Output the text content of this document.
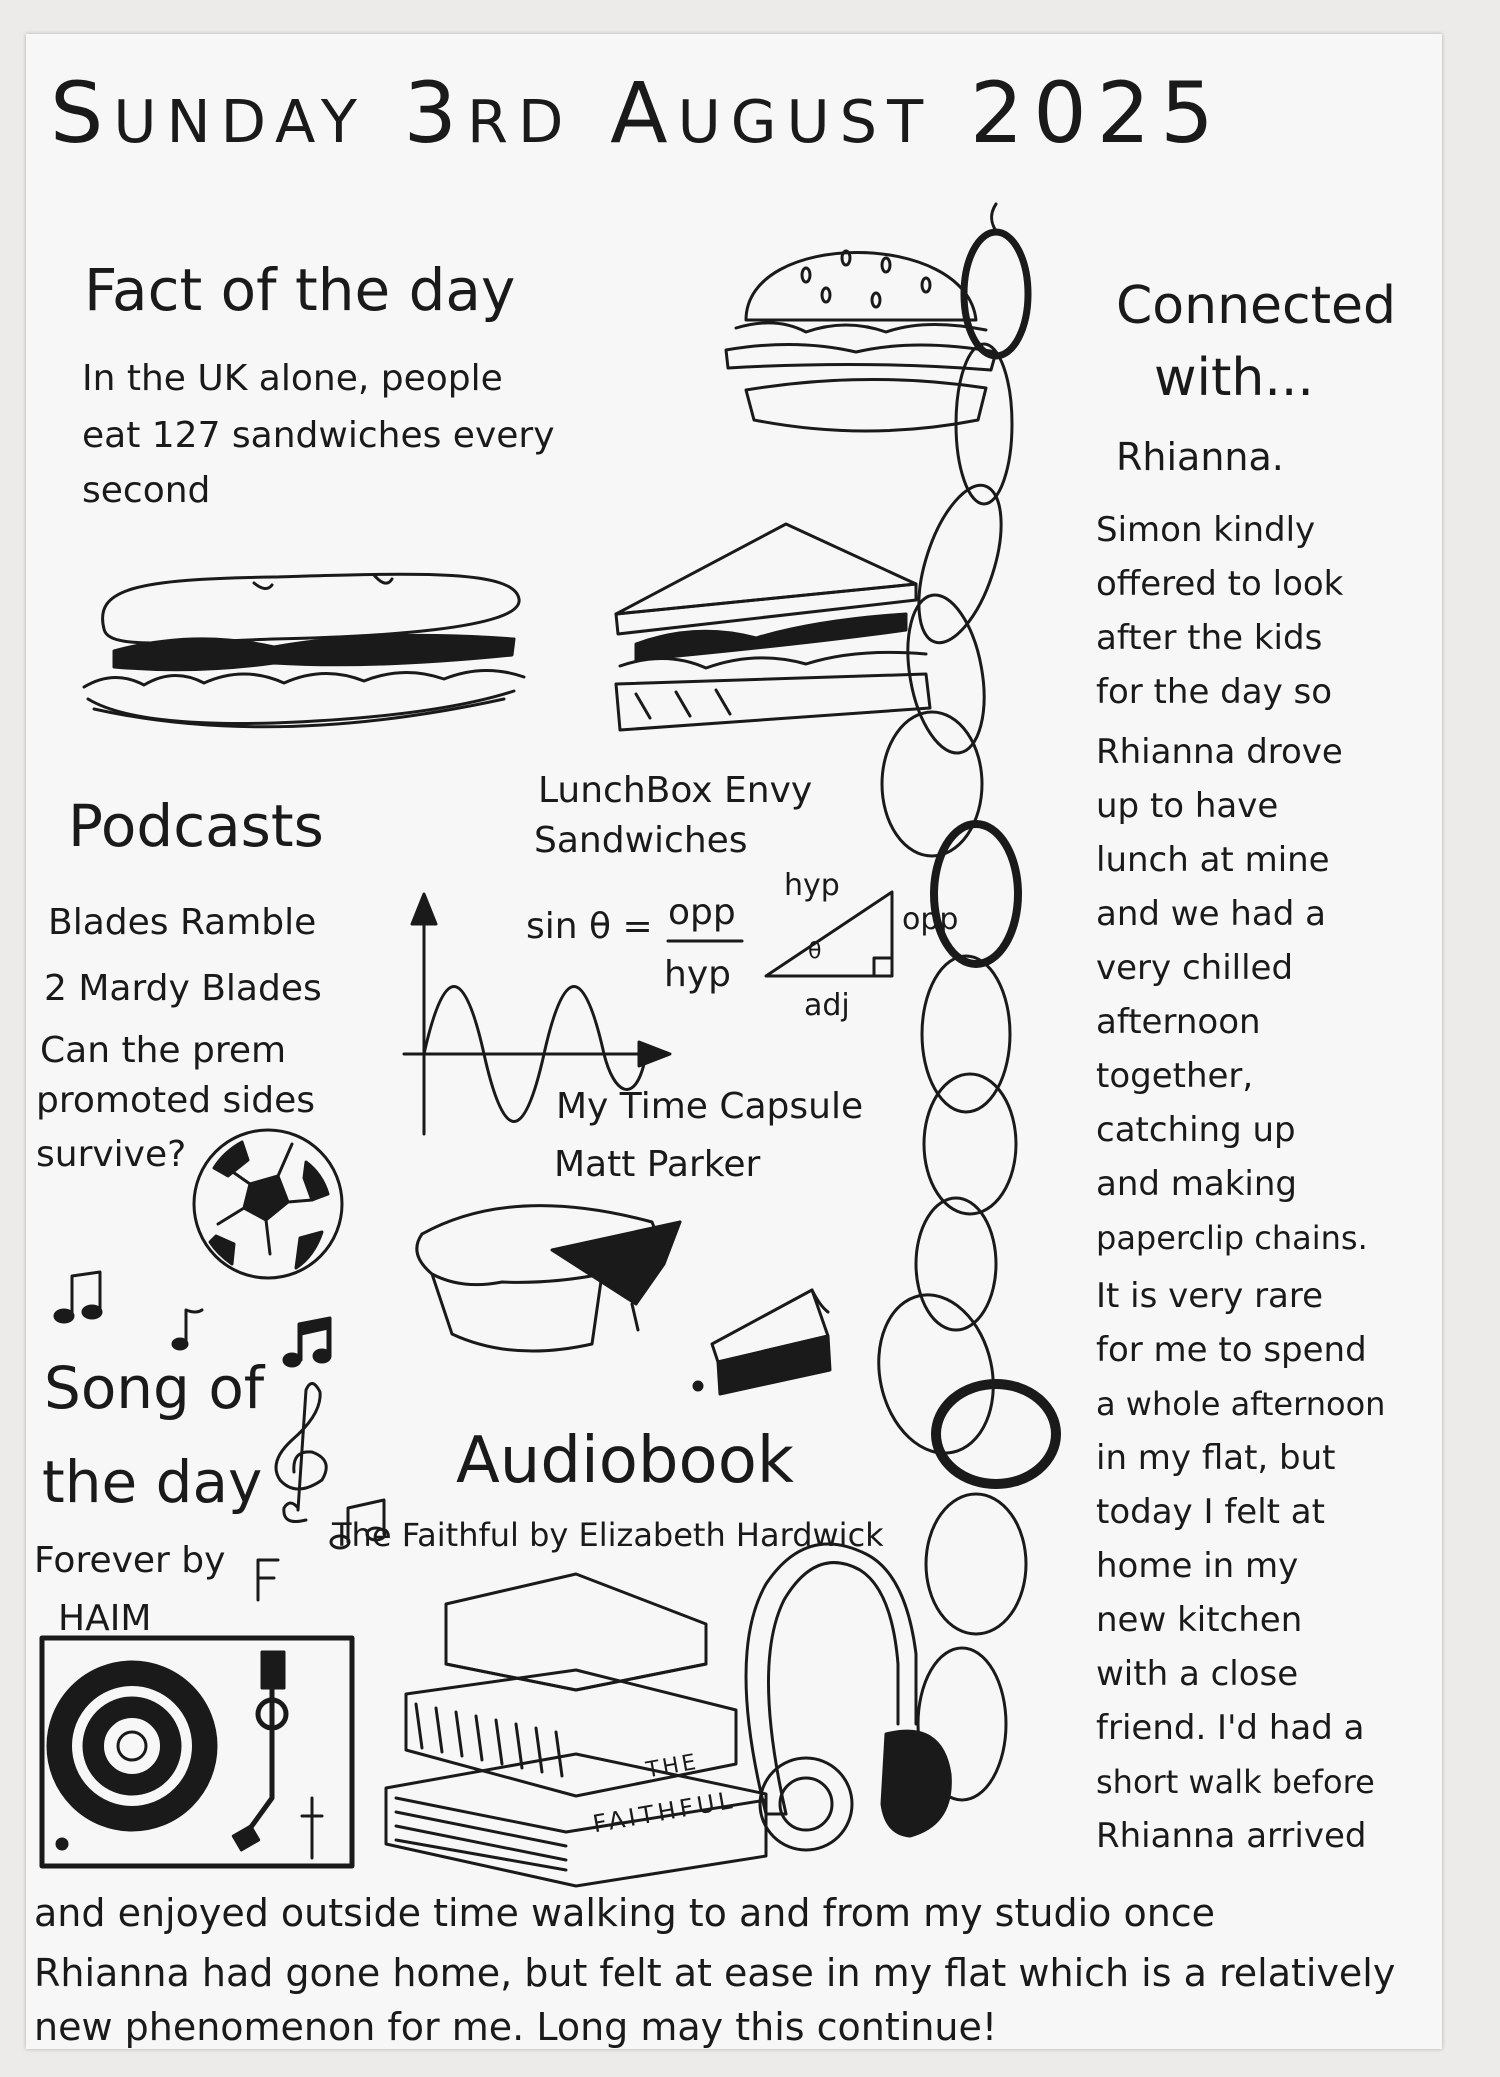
Sunday 3rd August 2025
Fact of the day
In the UK alone, people
eat 127 sandwiches every
second
Connected
with...
Rhianna.
Simon kindly
offered to look
after the kids
for the day so
Rhianna drove
up to have
lunch at mine
and we had a
very chilled
afternoon
together,
catching up
and making
paperclip chains.
It is very rare
for me to spend
a whole afternoon
in my flat, but
today I felt at
home in my
new kitchen
with a close
friend. I'd had a
short walk before
Rhianna arrived
Podcasts
Blades Ramble
2 Mardy Blades
Can the prem
promoted sides
survive?
LunchBox Envy
Sandwiches
My Time Capsule
Matt Parker
sin θ = opp
hyp
hyp
opp
adj
θ
Song of
the day
Forever by
HAIM
Audiobook
The Faithful by Elizabeth Hardwick
THE
FAITHFUL
and enjoyed outside time walking to and from my studio once
Rhianna had gone home, but felt at ease in my flat which is a relatively
new phenomenon for me. Long may this continue!
